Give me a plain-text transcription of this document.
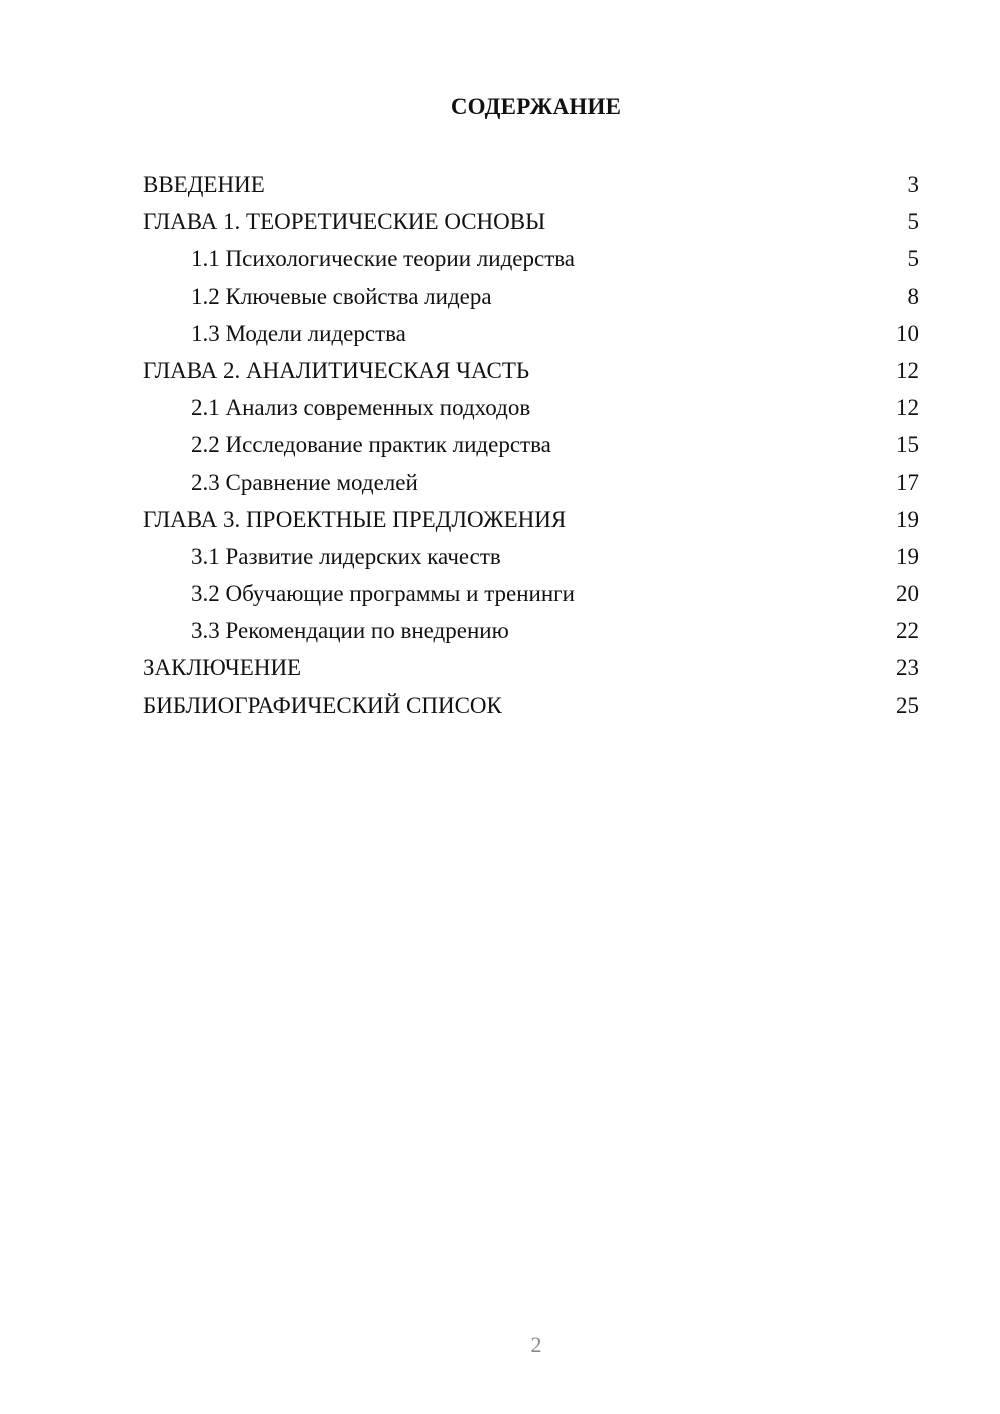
СОДЕРЖАНИЕ
ВВЕДЕНИЕ	3
ГЛАВА 1. ТЕОРЕТИЧЕСКИЕ ОСНОВЫ	5
1.1 Психологические теории лидерства	5
1.2 Ключевые свойства лидера	8
1.3 Модели лидерства	10
ГЛАВА 2. АНАЛИТИЧЕСКАЯ ЧАСТЬ	12
2.1 Анализ современных подходов	12
2.2 Исследование практик лидерства	15
2.3 Сравнение моделей	17
ГЛАВА 3. ПРОЕКТНЫЕ ПРЕДЛОЖЕНИЯ	19
3.1 Развитие лидерских качеств	19
3.2 Обучающие программы и тренинги	20
3.3 Рекомендации по внедрению	22
ЗАКЛЮЧЕНИЕ	23
БИБЛИОГРАФИЧЕСКИЙ СПИСОК	25
2
